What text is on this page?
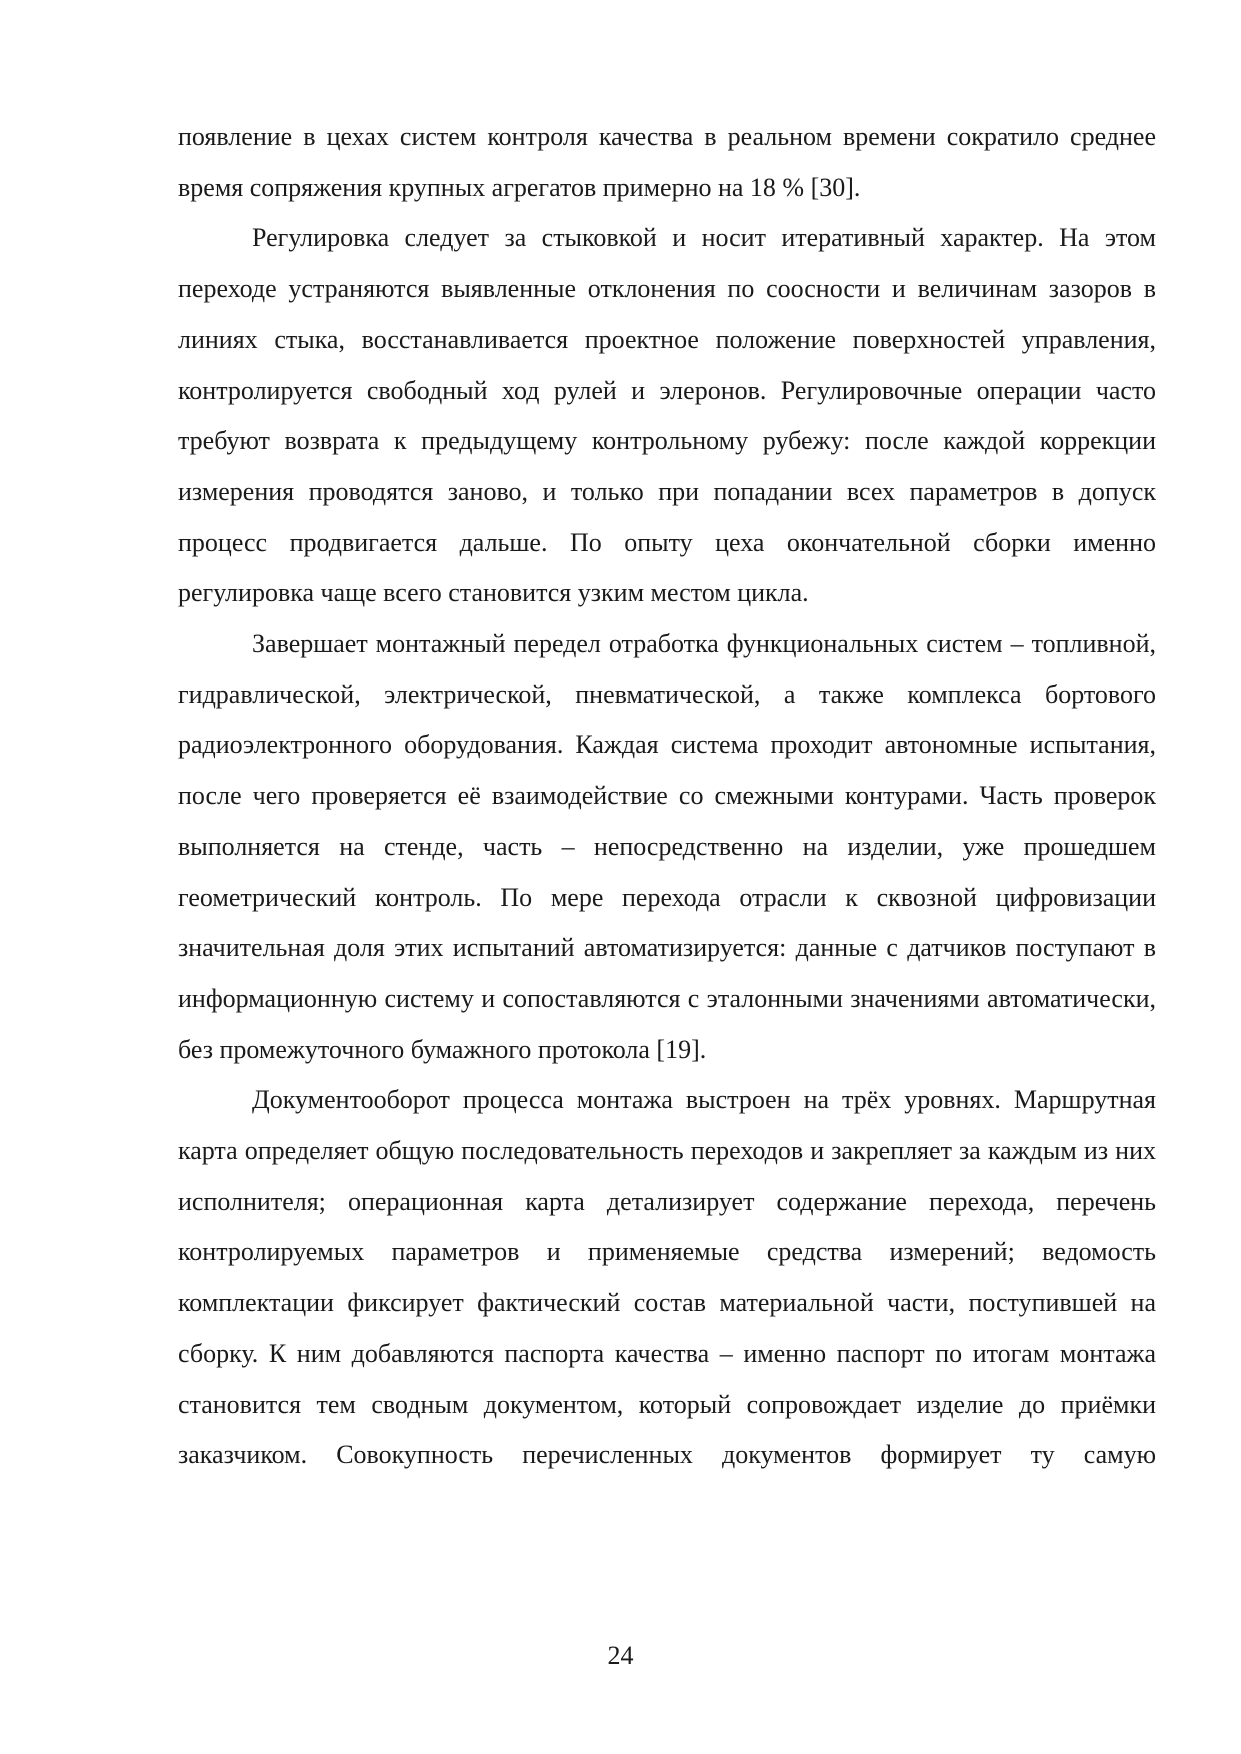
появление в цехах систем контроля качества в реальном времени сократило среднее время сопряжения крупных агрегатов примерно на 18 % [30].

Регулировка следует за стыковкой и носит итеративный характер. На этом переходе устраняются выявленные отклонения по соосности и величинам зазоров в линиях стыка, восстанавливается проектное положение поверхностей управления, контролируется свободный ход рулей и элеронов. Регулировочные операции часто требуют возврата к предыдущему контрольному рубежу: после каждой коррекции измерения проводятся заново, и только при попадании всех параметров в допуск процесс продвигается дальше. По опыту цеха окончательной сборки именно регулировка чаще всего становится узким местом цикла.

Завершает монтажный передел отработка функциональных систем – топливной, гидравлической, электрической, пневматической, а также комплекса бортового радиоэлектронного оборудования. Каждая система проходит автономные испытания, после чего проверяется её взаимодействие со смежными контурами. Часть проверок выполняется на стенде, часть – непосредственно на изделии, уже прошедшем геометрический контроль. По мере перехода отрасли к сквозной цифровизации значительная доля этих испытаний автоматизируется: данные с датчиков поступают в информационную систему и сопоставляются с эталонными значениями автоматически, без промежуточного бумажного протокола [19].

Документооборот процесса монтажа выстроен на трёх уровнях. Маршрутная карта определяет общую последовательность переходов и закрепляет за каждым из них исполнителя; операционная карта детализирует содержание перехода, перечень контролируемых параметров и применяемые средства измерений; ведомость комплектации фиксирует фактический состав материальной части, поступившей на сборку. К ним добавляются паспорта качества – именно паспорт по итогам монтажа становится тем сводным документом, который сопровождает изделие до приёмки заказчиком. Совокупность перечисленных документов формирует ту самую

24
